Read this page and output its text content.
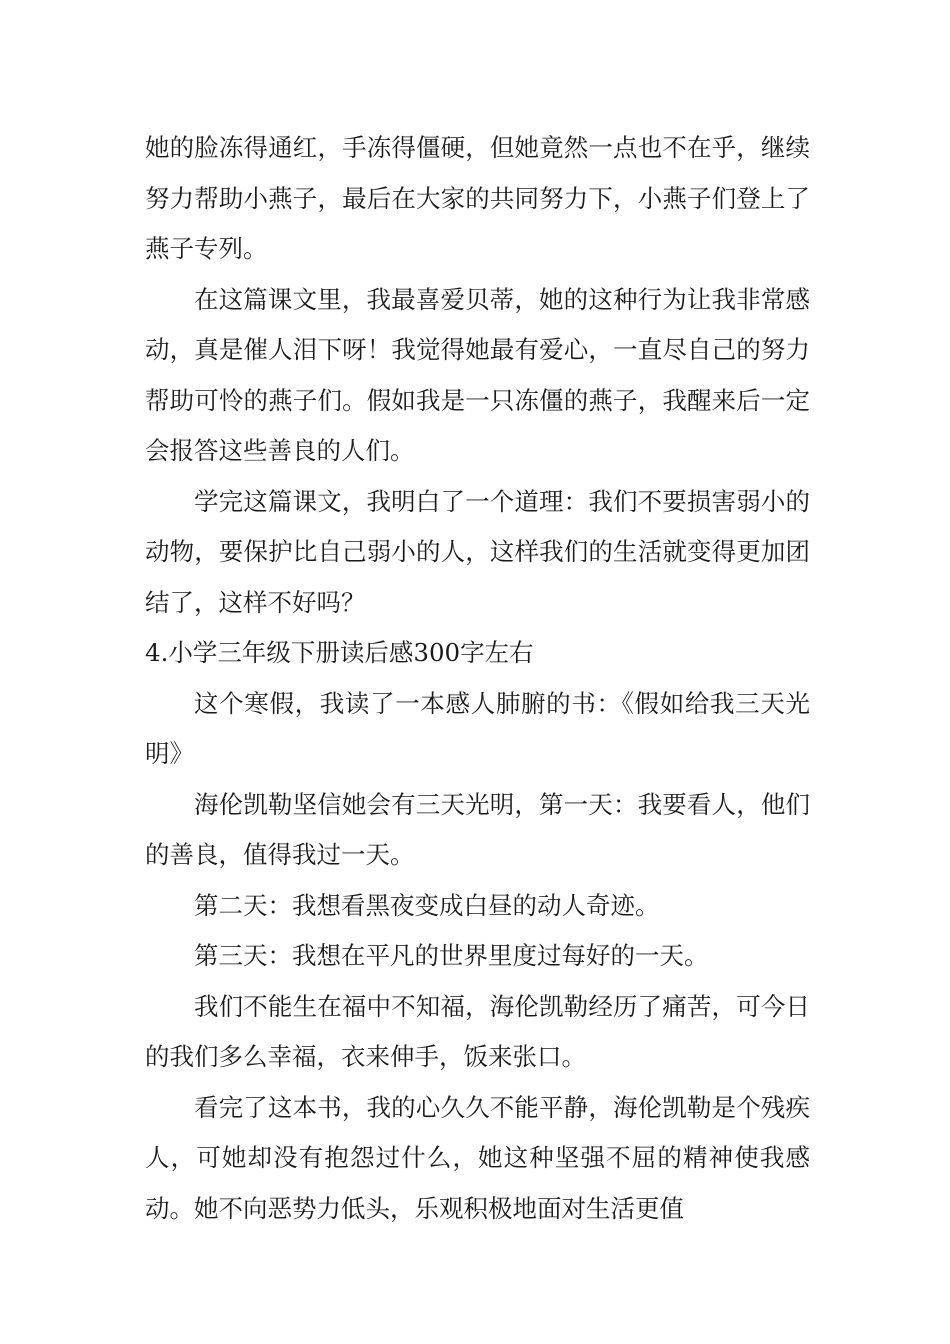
她的脸冻得通红，手冻得僵硬，但她竟然一点也不在乎，继续努力帮助小燕子，最后在大家的共同努力下，小燕子们登上了燕子专列。

在这篇课文里，我最喜爱贝蒂，她的这种行为让我非常感动，真是催人泪下呀！我觉得她最有爱心，一直尽自己的努力帮助可怜的燕子们。假如我是一只冻僵的燕子，我醒来后一定会报答这些善良的人们。

学完这篇课文，我明白了一个道理：我们不要损害弱小的动物，要保护比自己弱小的人，这样我们的生活就变得更加团结了，这样不好吗？

4.小学三年级下册读后感300字左右

这个寒假，我读了一本感人肺腑的书：《假如给我三天光明》

海伦凯勒坚信她会有三天光明，第一天：我要看人，他们的善良，值得我过一天。

第二天：我想看黑夜变成白昼的动人奇迹。

第三天：我想在平凡的世界里度过每好的一天。

我们不能生在福中不知福，海伦凯勒经历了痛苦，可今日的我们多么幸福，衣来伸手，饭来张口。

看完了这本书，我的心久久不能平静，海伦凯勒是个残疾人，可她却没有抱怨过什么，她这种坚强不屈的精神使我感动。她不向恶势力低头，乐观积极地面对生活更值
